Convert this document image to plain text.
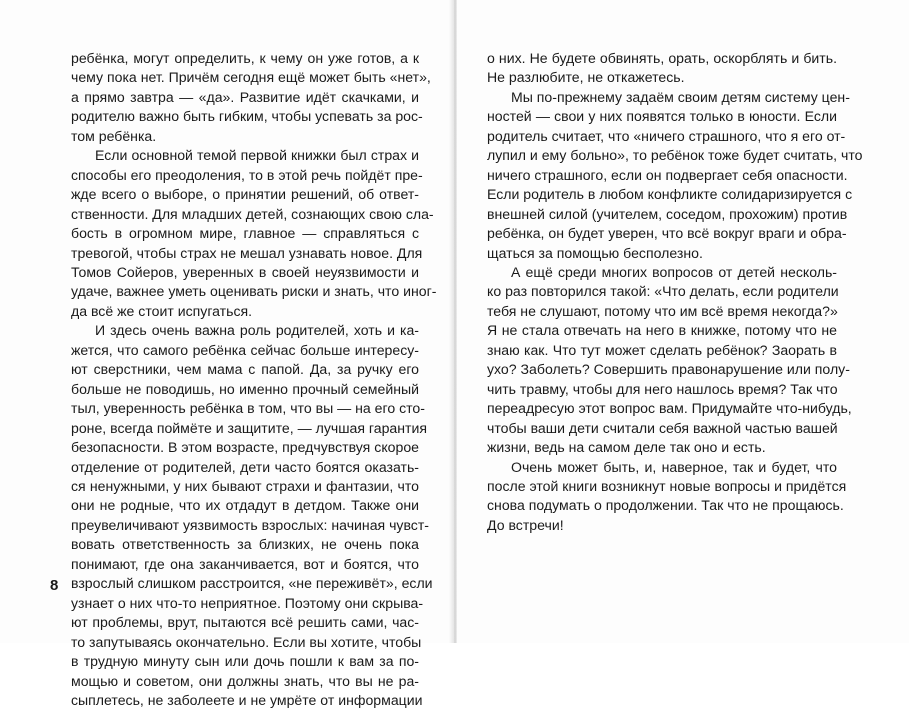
ребёнка, могут определить, к чему он уже готов, а к
чему пока нет. Причём сегодня ещё может быть «нет»,
а прямо завтра — «да». Развитие идёт скачками, и
родителю важно быть гибким, чтобы успевать за рос-
том ребёнка.
Если основной темой первой книжки был страх и
способы его преодоления, то в этой речь пойдёт пре-
жде всего о выборе, о принятии решений, об ответ-
ственности. Для младших детей, сознающих свою сла-
бость в огромном мире, главное — справляться с
тревогой, чтобы страх не мешал узнавать новое. Для
Томов Сойеров, уверенных в своей неуязвимости и
удаче, важнее уметь оценивать риски и знать, что иног-
да всё же стоит испугаться.
И здесь очень важна роль родителей, хоть и ка-
жется, что самого ребёнка сейчас больше интересу-
ют сверстники, чем мама с папой. Да, за ручку его
больше не поводишь, но именно прочный семейный
тыл, уверенность ребёнка в том, что вы — на его сто-
роне, всегда поймёте и защитите, — лучшая гарантия
безопасности. В этом возрасте, предчувствуя скорое
отделение от родителей, дети часто боятся оказать-
ся ненужными, у них бывают страхи и фантазии, что
они не родные, что их отдадут в детдом. Также они
преувеличивают уязвимость взрослых: начиная чувст-
вовать ответственность за близких, не очень пока
понимают, где она заканчивается, вот и боятся, что
взрослый слишком расстроится, «не переживёт», если
узнает о них что-то неприятное. Поэтому они скрыва-
ют проблемы, врут, пытаются всё решить сами, час-
то запутываясь окончательно. Если вы хотите, чтобы
в трудную минуту сын или дочь пошли к вам за по-
мощью и советом, они должны знать, что вы не ра-
сыплетесь, не заболеете и не умрёте от информации
8
о них. Не будете обвинять, орать, оскорблять и бить.
Не разлюбите, не откажетесь.
Мы по-прежнему задаём своим детям систему цен-
ностей — свои у них появятся только в юности. Если
родитель считает, что «ничего страшного, что я его от-
лупил и ему больно», то ребёнок тоже будет считать, что
ничего страшного, если он подвергает себя опасности.
Если родитель в любом конфликте солидаризируется с
внешней силой (учителем, соседом, прохожим) против
ребёнка, он будет уверен, что всё вокруг враги и обра-
щаться за помощью бесполезно.
А ещё среди многих вопросов от детей несколь-
ко раз повторился такой: «Что делать, если родители
тебя не слушают, потому что им всё время некогда?»
Я не стала отвечать на него в книжке, потому что не
знаю как. Что тут может сделать ребёнок? Заорать в
ухо? Заболеть? Совершить правонарушение или полу-
чить травму, чтобы для него нашлось время? Так что
переадресую этот вопрос вам. Придумайте что-нибудь,
чтобы ваши дети считали себя важной частью вашей
жизни, ведь на самом деле так оно и есть.
Очень может быть, и, наверное, так и будет, что
после этой книги возникнут новые вопросы и придётся
снова подумать о продолжении. Так что не прощаюсь.
До встречи!
